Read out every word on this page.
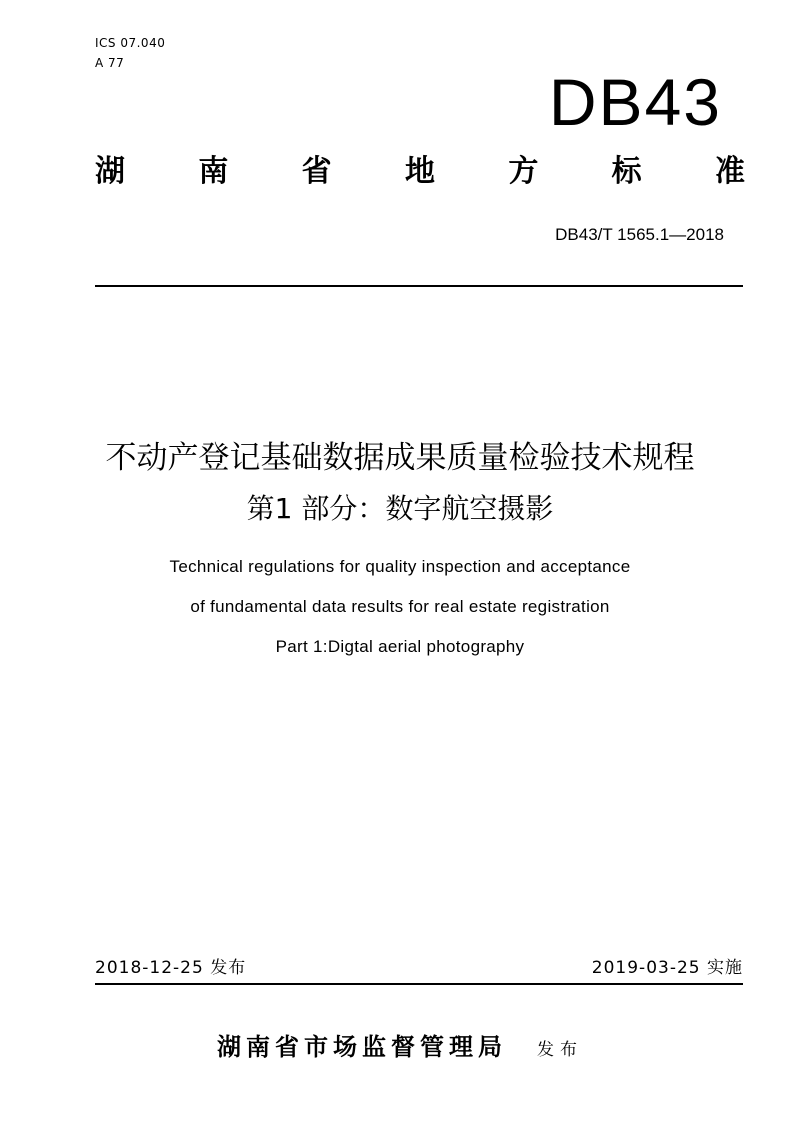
ICS 07.040
A 77
DB43
湖 南 省 地 方 标 准
DB43/T 1565.1—2018
不动产登记基础数据成果质量检验技术规程
第1 部分：数字航空摄影
Technical regulations for quality inspection and acceptance
of fundamental data results for real estate registration
Part 1:Digtal aerial photography
2018-12-25 发布	2019-03-25 实施
湖南省市场监督管理局 发布
